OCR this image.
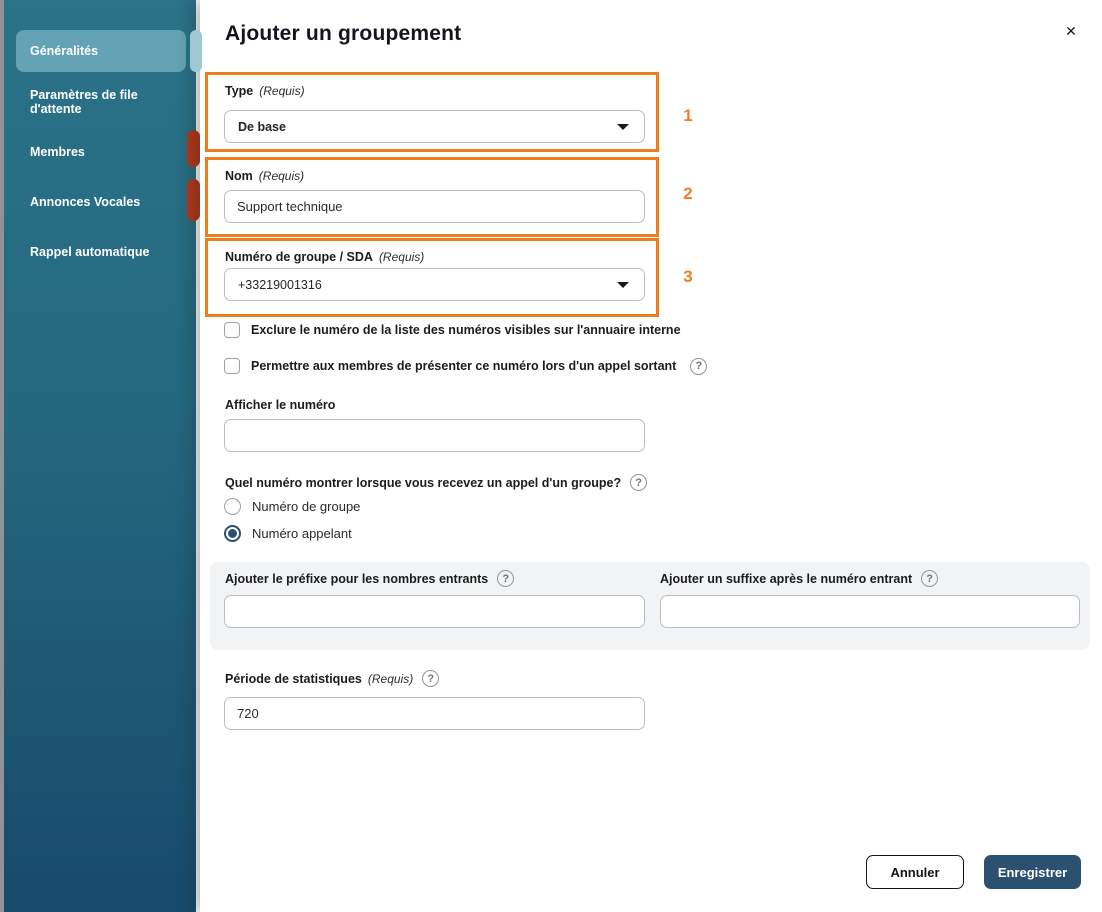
Généralités
Paramètres de file d'attente
Membres
Annonces Vocales
Rappel automatique
Ajouter un groupement	✕
1
2
3
Type (Requis)
De base
Nom (Requis)
Support technique
Numéro de groupe / SDA (Requis)
+33219001316
Exclure le numéro de la liste des numéros visibles sur l'annuaire interne
Permettre aux membres de présenter ce numéro lors d'un appel sortant	?
Afficher le numéro
Quel numéro montrer lorsque vous recevez un appel d'un groupe?	?
Numéro de groupe
Numéro appelant
Ajouter le préfixe pour les nombres entrants	?	Ajouter un suffixe après le numéro entrant	?
Période de statistiques (Requis)	?
720
Annuler	Enregistrer
